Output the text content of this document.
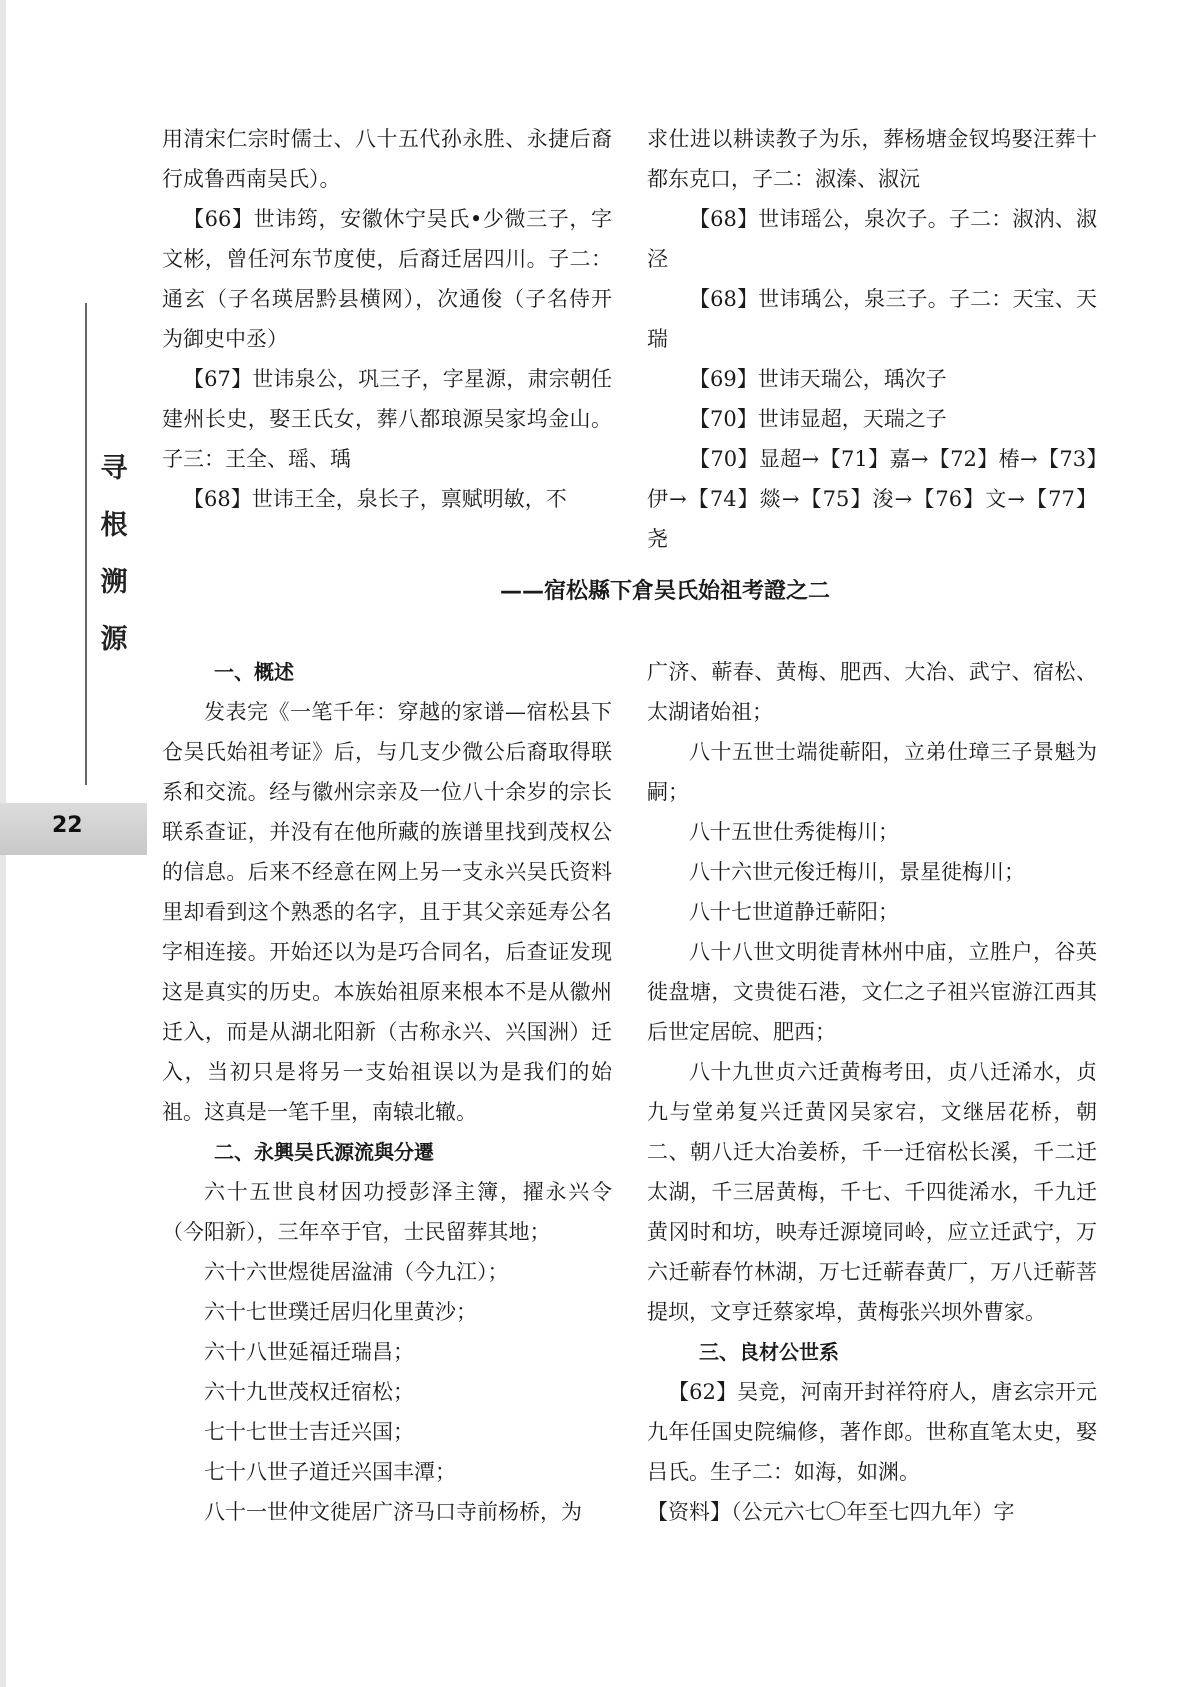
寻
根
溯
源
22

用清宋仁宗时儒士、八十五代孙永胜、永捷后裔行成鲁西南吴氏）。

【66】世讳筠，安徽休宁吴氏•少微三子，字文彬，曾任河东节度使，后裔迁居四川。子二：通玄（子名瑛居黔县横网），次通俊（子名侍开为御史中丞）

【67】世讳泉公，巩三子，字星源，肃宗朝任建州长史，娶王氏女，葬八都琅源吴家坞金山。子三：王全、瑶、瑀

【68】世讳王全，泉长子，禀赋明敏，不

求仕进以耕读教子为乐，葬杨塘金钗坞娶汪葬十都东克口，子二：淑溱、淑沅

【68】世讳瑶公，泉次子。子二：淑汭、淑泾

【68】世讳瑀公，泉三子。子二：天宝、天瑞

【69】世讳天瑞公，瑀次子

【70】世讳显超，天瑞之子

【70】显超→【71】嘉→【72】椿→【73】伊→【74】燚→【75】浚→【76】文→【77】尧

——宿松縣下倉吴氏始祖考證之二

一、概述

发表完《一笔千年：穿越的家谱—宿松县下仓吴氏始祖考证》后，与几支少微公后裔取得联系和交流。经与徽州宗亲及一位八十余岁的宗长联系查证，并没有在他所藏的族谱里找到茂权公的信息。后来不经意在网上另一支永兴吴氏资料里却看到这个熟悉的名字，且于其父亲延寿公名字相连接。开始还以为是巧合同名，后查证发现这是真实的历史。本族始祖原来根本不是从徽州迁入，而是从湖北阳新（古称永兴、兴国洲）迁入，当初只是将另一支始祖误以为是我们的始祖。这真是一笔千里，南辕北辙。

二、永興吴氏源流與分遷

六十五世良材因功授彭泽主簿，擢永兴令（今阳新），三年卒于官，士民留葬其地；

六十六世煜徙居湓浦（今九江）；

六十七世璞迁居归化里黄沙；

六十八世延福迁瑞昌；

六十九世茂权迁宿松；

七十七世士吉迁兴国；

七十八世子道迁兴国丰潭；

八十一世仲文徙居广济马口寺前杨桥，为

广济、蕲春、黄梅、肥西、大冶、武宁、宿松、太湖诸始祖；

八十五世士端徙蕲阳，立弟仕璋三子景魁为嗣；

八十五世仕秀徙梅川；

八十六世元俊迁梅川，景星徙梅川；

八十七世道静迁蕲阳；

八十八世文明徙青林州中庙，立胜户，谷英徙盘塘，文贵徙石港，文仁之子祖兴宦游江西其后世定居皖、肥西；

八十九世贞六迁黄梅考田，贞八迁浠水，贞九与堂弟复兴迁黄冈吴家宕，文继居花桥，朝二、朝八迁大冶姜桥，千一迁宿松长溪，千二迁太湖，千三居黄梅，千七、千四徙浠水，千九迁黄冈时和坊，映寿迁源境同岭，应立迁武宁，万六迁蕲春竹林湖，万七迁蕲春黄厂，万八迁蕲菩提坝，文亨迁蔡家埠，黄梅张兴坝外曹家。

三、良材公世系

【62】吴竞，河南开封祥符府人，唐玄宗开元九年任国史院编修，著作郎。世称直笔太史，娶吕氏。生子二：如海，如渊。

【资料】（公元六七〇年至七四九年）字
